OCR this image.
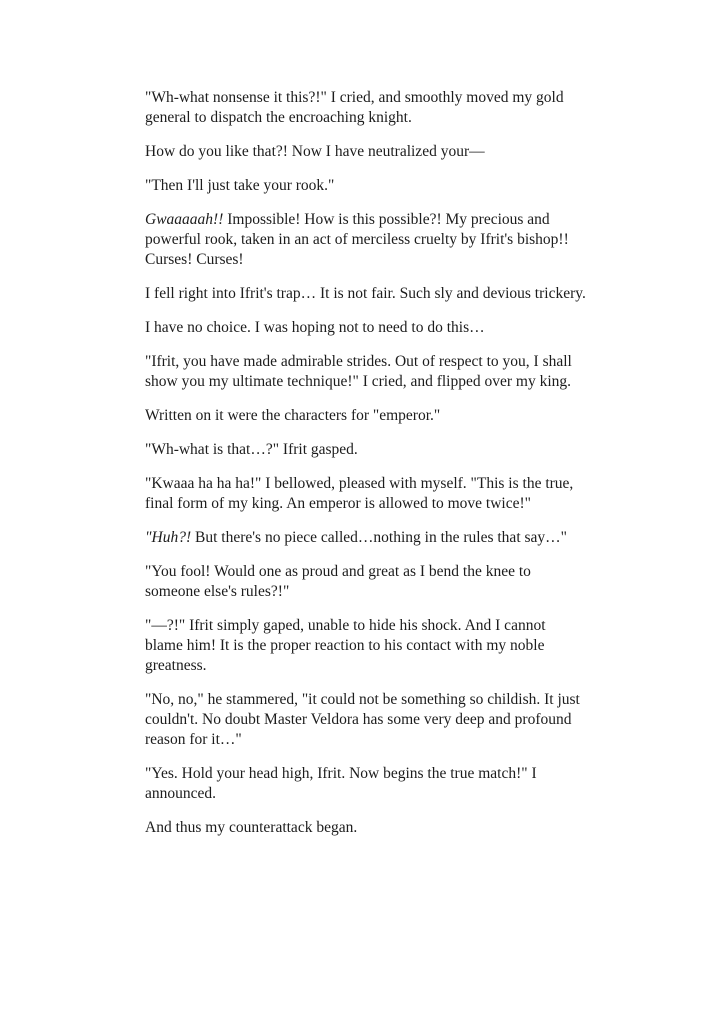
"Wh-what nonsense it this?!" I cried, and smoothly moved my gold general to dispatch the encroaching knight.

How do you like that?! Now I have neutralized your—

"Then I'll just take your rook."

Gwaaaaah!! Impossible! How is this possible?! My precious and powerful rook, taken in an act of merciless cruelty by Ifrit's bishop!! Curses! Curses!

I fell right into Ifrit's trap… It is not fair. Such sly and devious trickery.

I have no choice. I was hoping not to need to do this…

"Ifrit, you have made admirable strides. Out of respect to you, I shall show you my ultimate technique!" I cried, and flipped over my king.

Written on it were the characters for "emperor."

"Wh-what is that…?" Ifrit gasped.

"Kwaaa ha ha ha!" I bellowed, pleased with myself. "This is the true, final form of my king. An emperor is allowed to move twice!"

"Huh?! But there's no piece called…nothing in the rules that say…"

"You fool! Would one as proud and great as I bend the knee to someone else's rules?!"

"—?!" Ifrit simply gaped, unable to hide his shock. And I cannot blame him! It is the proper reaction to his contact with my noble greatness.

"No, no," he stammered, "it could not be something so childish. It just couldn't. No doubt Master Veldora has some very deep and profound reason for it…"

"Yes. Hold your head high, Ifrit. Now begins the true match!" I announced.

And thus my counterattack began.
